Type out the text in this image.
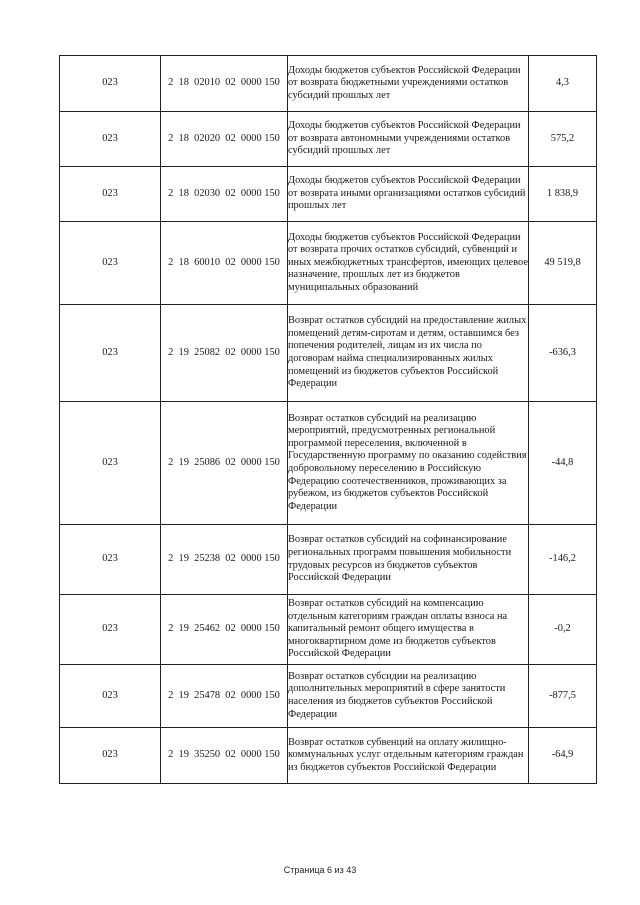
023	2  18  02010  02  0000 150	Доходы бюджетов субъектов Российской Федерации от возврата бюджетными учреждениями остатков субсидий прошлых лет	4,3
023	2  18  02020  02  0000 150	Доходы бюджетов субъектов Российской Федерации от возврата автономными учреждениями остатков субсидий прошлых лет	575,2
023	2  18  02030  02  0000 150	Доходы бюджетов субъектов Российской Федерации от возврата иными организациями остатков субсидий прошлых лет	1 838,9
023	2  18  60010  02  0000 150	Доходы бюджетов субъектов Российской Федерации от возврата прочих остатков субсидий, субвенций и иных межбюджетных трансфертов, имеющих целевое назначение, прошлых лет из бюджетов муниципальных образований	49 519,8
023	2  19  25082  02  0000 150	Возврат остатков субсидий на предоставление жилых помещений детям-сиротам и детям, оставшимся без попечения родителей, лицам из их числа по договорам найма специализированных жилых помещений из бюджетов субъектов Российской Федерации	-636,3
023	2  19  25086  02  0000 150	Возврат остатков субсидий на реализацию мероприятий, предусмотренных региональной программой переселения, включенной в Государственную программу по оказанию содействия добровольному переселению в Российскую Федерацию соотечественников, проживающих за рубежом, из бюджетов субъектов Российской Федерации	-44,8
023	2  19  25238  02  0000 150	Возврат остатков субсидий на софинансирование региональных программ повышения мобильности трудовых ресурсов из бюджетов субъектов Российской Федерации	-146,2
023	2  19  25462  02  0000 150	Возврат остатков субсидий на компенсацию отдельным категориям граждан оплаты взноса на капитальный ремонт общего имущества в многоквартирном доме из бюджетов субъектов Российской Федерации	-0,2
023	2  19  25478  02  0000 150	Возврат остатков субсидии на реализацию дополнительных мероприятий в сфере занятости населения из бюджетов субъектов Российской Федерации	-877,5
023	2  19  35250  02  0000 150	Возврат остатков субвенций на оплату жилищно-коммунальных услуг отдельным категориям граждан из бюджетов субъектов Российской Федерации	-64,9
Страница 6 из 43
